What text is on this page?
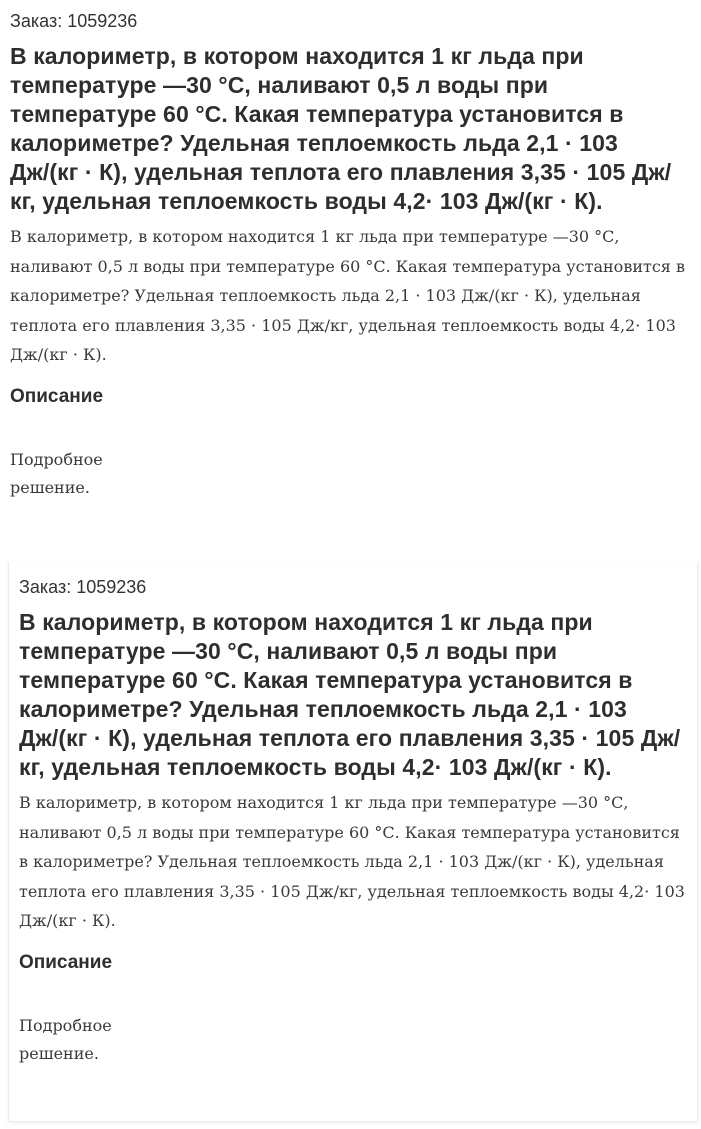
Заказ: 1059236
В калориметр, в котором находится 1 кг льда при температуре —30 °С, наливают 0,5 л воды при температуре 60 °С. Какая температура установится в калориметре? Удельная теплоемкость льда 2,1 · 103 Дж/(кг · К), удельная теплота его плавления 3,35 · 105 Дж/кг, удельная теплоемкость воды 4,2· 103 Дж/(кг · К).
В калориметр, в котором находится 1 кг льда при температуре —30 °С, наливают 0,5 л воды при температуре 60 °С. Какая температура установится в калориметре? Удельная теплоемкость льда 2,1 · 103 Дж/(кг · К), удельная теплота его плавления 3,35 · 105 Дж/кг, удельная теплоемкость воды 4,2· 103 Дж/(кг · К).
Описание
Подробное решение.
Заказ: 1059236
В калориметр, в котором находится 1 кг льда при температуре —30 °С, наливают 0,5 л воды при температуре 60 °С. Какая температура установится в калориметре? Удельная теплоемкость льда 2,1 · 103 Дж/(кг · К), удельная теплота его плавления 3,35 · 105 Дж/кг, удельная теплоемкость воды 4,2· 103 Дж/(кг · К).
В калориметр, в котором находится 1 кг льда при температуре —30 °С, наливают 0,5 л воды при температуре 60 °С. Какая температура установится в калориметре? Удельная теплоемкость льда 2,1 · 103 Дж/(кг · К), удельная теплота его плавления 3,35 · 105 Дж/кг, удельная теплоемкость воды 4,2· 103 Дж/(кг · К).
Описание
Подробное решение.
